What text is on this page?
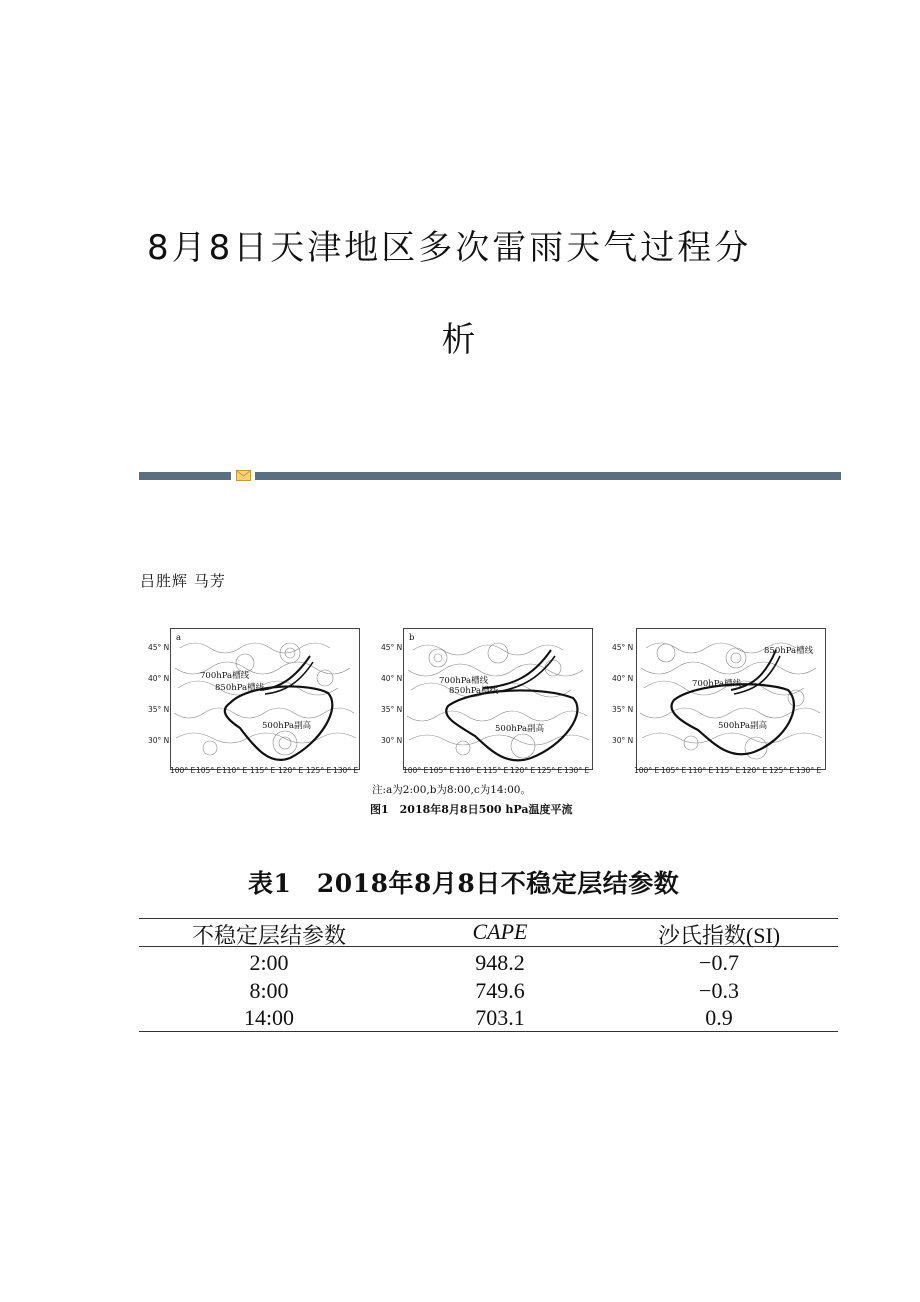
8月8日天津地区多次雷雨天气过程分
析
吕胜辉 马芳
a
700hPa槽线
850hPa槽线
500hPa副高
b
700hPa槽线
850hPa槽线
500hPa副高
850hPa槽线
700hPa槽线
500hPa副高
45° N
40° N
35° N
30° N
45° N
40° N
35° N
30° N
45° N
40° N
35° N
30° N
100° E 105° E 110° E 115° E 120° E 125° E 130° E	100° E 105° E 110° E 115° E 120° E 125° E 130° E	100° E 105° E 110° E 115° E 120° E 125° E 130° E
注:a为2:00,b为8:00,c为14:00。
图1　2018年8月8日500 hPa温度平流
表1　2018年8月8日不稳定层结参数
不稳定层结参数	CAPE	沙氏指数(SI)
2:00	948.2	−0.7
8:00	749.6	−0.3
14:00	703.1	0.9
